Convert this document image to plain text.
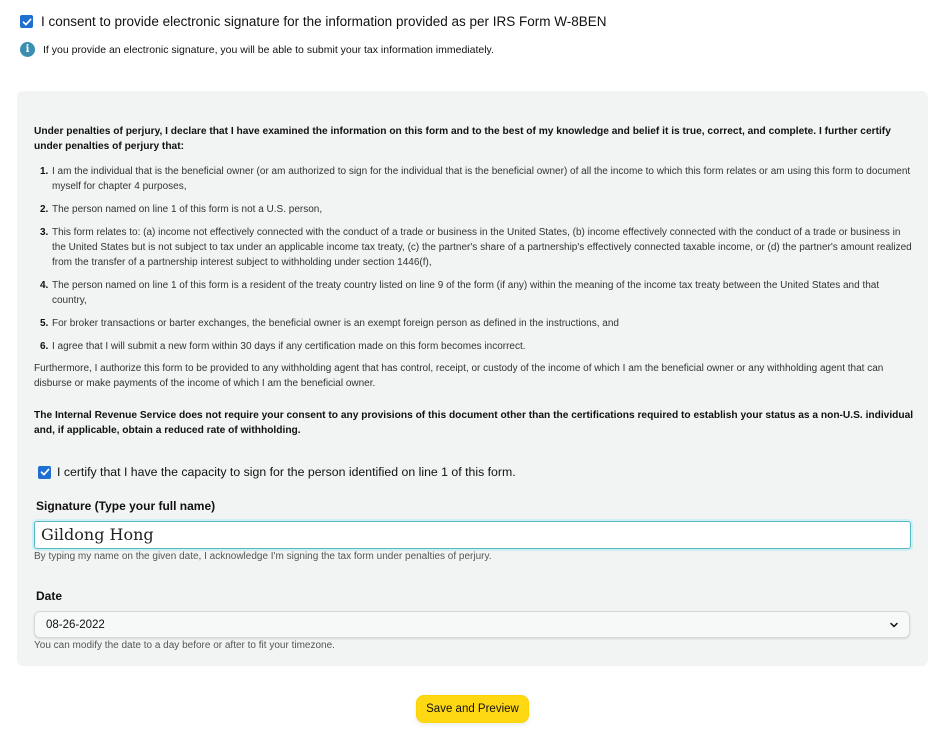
I consent to provide electronic signature for the information provided as per IRS Form W-8BEN
i	If you provide an electronic signature, you will be able to submit your tax information immediately.
Under penalties of perjury, I declare that I have examined the information on this form and to the best of my knowledge and belief it is true, correct, and complete. I further certify under penalties of perjury that:
1. I am the individual that is the beneficial owner (or am authorized to sign for the individual that is the beneficial owner) of all the income to which this form relates or am using this form to document myself for chapter 4 purposes,
2. The person named on line 1 of this form is not a U.S. person,
3. This form relates to: (a) income not effectively connected with the conduct of a trade or business in the United States, (b) income effectively connected with the conduct of a trade or business in the United States but is not subject to tax under an applicable income tax treaty, (c) the partner's share of a partnership's effectively connected taxable income, or (d) the partner's amount realized from the transfer of a partnership interest subject to withholding under section 1446(f),
4. The person named on line 1 of this form is a resident of the treaty country listed on line 9 of the form (if any) within the meaning of the income tax treaty between the United States and that country,
5. For broker transactions or barter exchanges, the beneficial owner is an exempt foreign person as defined in the instructions, and
6. I agree that I will submit a new form within 30 days if any certification made on this form becomes incorrect.
Furthermore, I authorize this form to be provided to any withholding agent that has control, receipt, or custody of the income of which I am the beneficial owner or any withholding agent that can disburse or make payments of the income of which I am the beneficial owner.
The Internal Revenue Service does not require your consent to any provisions of this document other than the certifications required to establish your status as a non-U.S. individual and, if applicable, obtain a reduced rate of withholding.
I certify that I have the capacity to sign for the person identified on line 1 of this form.
Signature (Type your full name)
Gildong Hong
By typing my name on the given date, I acknowledge I'm signing the tax form under penalties of perjury.
Date
08-26-2022
You can modify the date to a day before or after to fit your timezone.
Save and Preview
